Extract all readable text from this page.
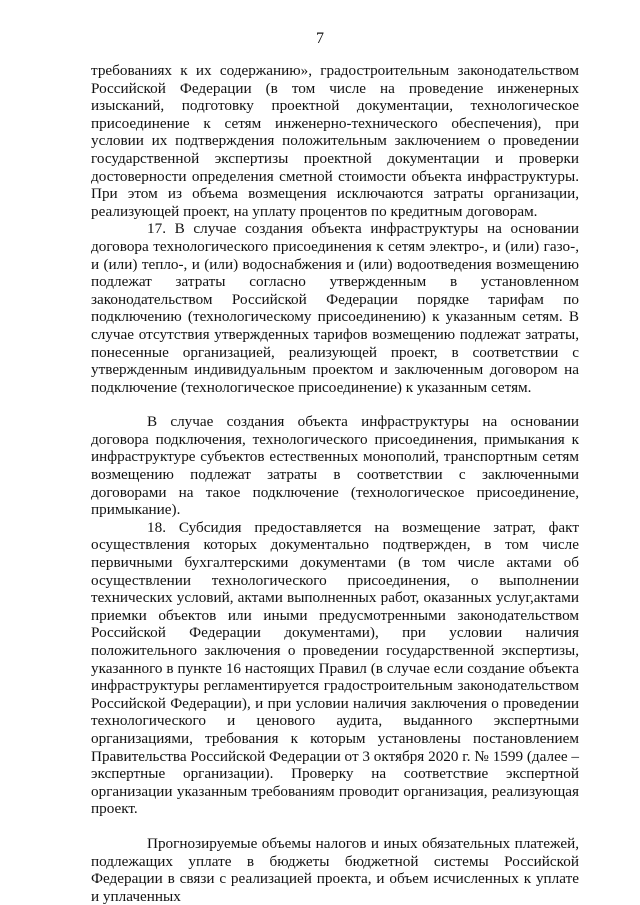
7

требованиях к их содержанию», градостроительным законодательством Российской Федерации (в том числе на проведение инженерных изысканий, подготовку проектной документации, технологическое присоединение к сетям инженерно-технического обеспечения), при условии их подтверждения положительным заключением о проведении государственной экспертизы проектной документации и проверки достоверности определения сметной стоимости объекта инфраструктуры. При этом из объема возмещения исключаются затраты организации, реализующей проект, на уплату процентов по кредитным договорам.

17. В случае создания объекта инфраструктуры на основании договора технологического присоединения к сетям электро-, и (или) газо-, и (или) тепло-, и (или) водоснабжения и (или) водоотведения возмещению подлежат затраты согласно утвержденным в установленном законодательством Российской Федерации порядке тарифам по подключению (технологическому присоединению) к указанным сетям. В случае отсутствия утвержденных тарифов возмещению подлежат затраты, понесенные организацией, реализующей проект, в соответствии с утвержденным индивидуальным проектом и заключенным договором на подключение (технологическое присоединение) к указанным сетям.

В случае создания объекта инфраструктуры на основании договора подключения, технологического присоединения, примыкания к инфраструктуре субъектов естественных монополий, транспортным сетям возмещению подлежат затраты в соответствии с заключенными договорами на такое подключение (технологическое присоединение, примыкание).

18. Субсидия предоставляется на возмещение затрат, факт осуществления которых документально подтвержден, в том числе первичными бухгалтерскими документами (в том числе актами об осуществлении технологического присоединения, о выполнении технических условий, актами выполненных работ, оказанных услуг,актами приемки объектов или иными предусмотренными законодательством Российской Федерации документами), при условии наличия положительного заключения о проведении государственной экспертизы, указанного в пункте 16 настоящих Правил (в случае если создание объекта инфраструктуры регламентируется градостроительным законодательством Российской Федерации), и при условии наличия заключения о проведении технологического и ценового аудита, выданного экспертными организациями, требования к которым установлены постановлением Правительства Российской Федерации от 3 октября 2020 г. № 1599 (далее – экспертные организации). Проверку на соответствие экспертной организации указанным требованиям проводит организация, реализующая проект.

Прогнозируемые объемы налогов и иных обязательных платежей, подлежащих уплате в бюджеты бюджетной системы Российской Федерации в связи с реализацией проекта, и объем исчисленных к уплате и уплаченных
